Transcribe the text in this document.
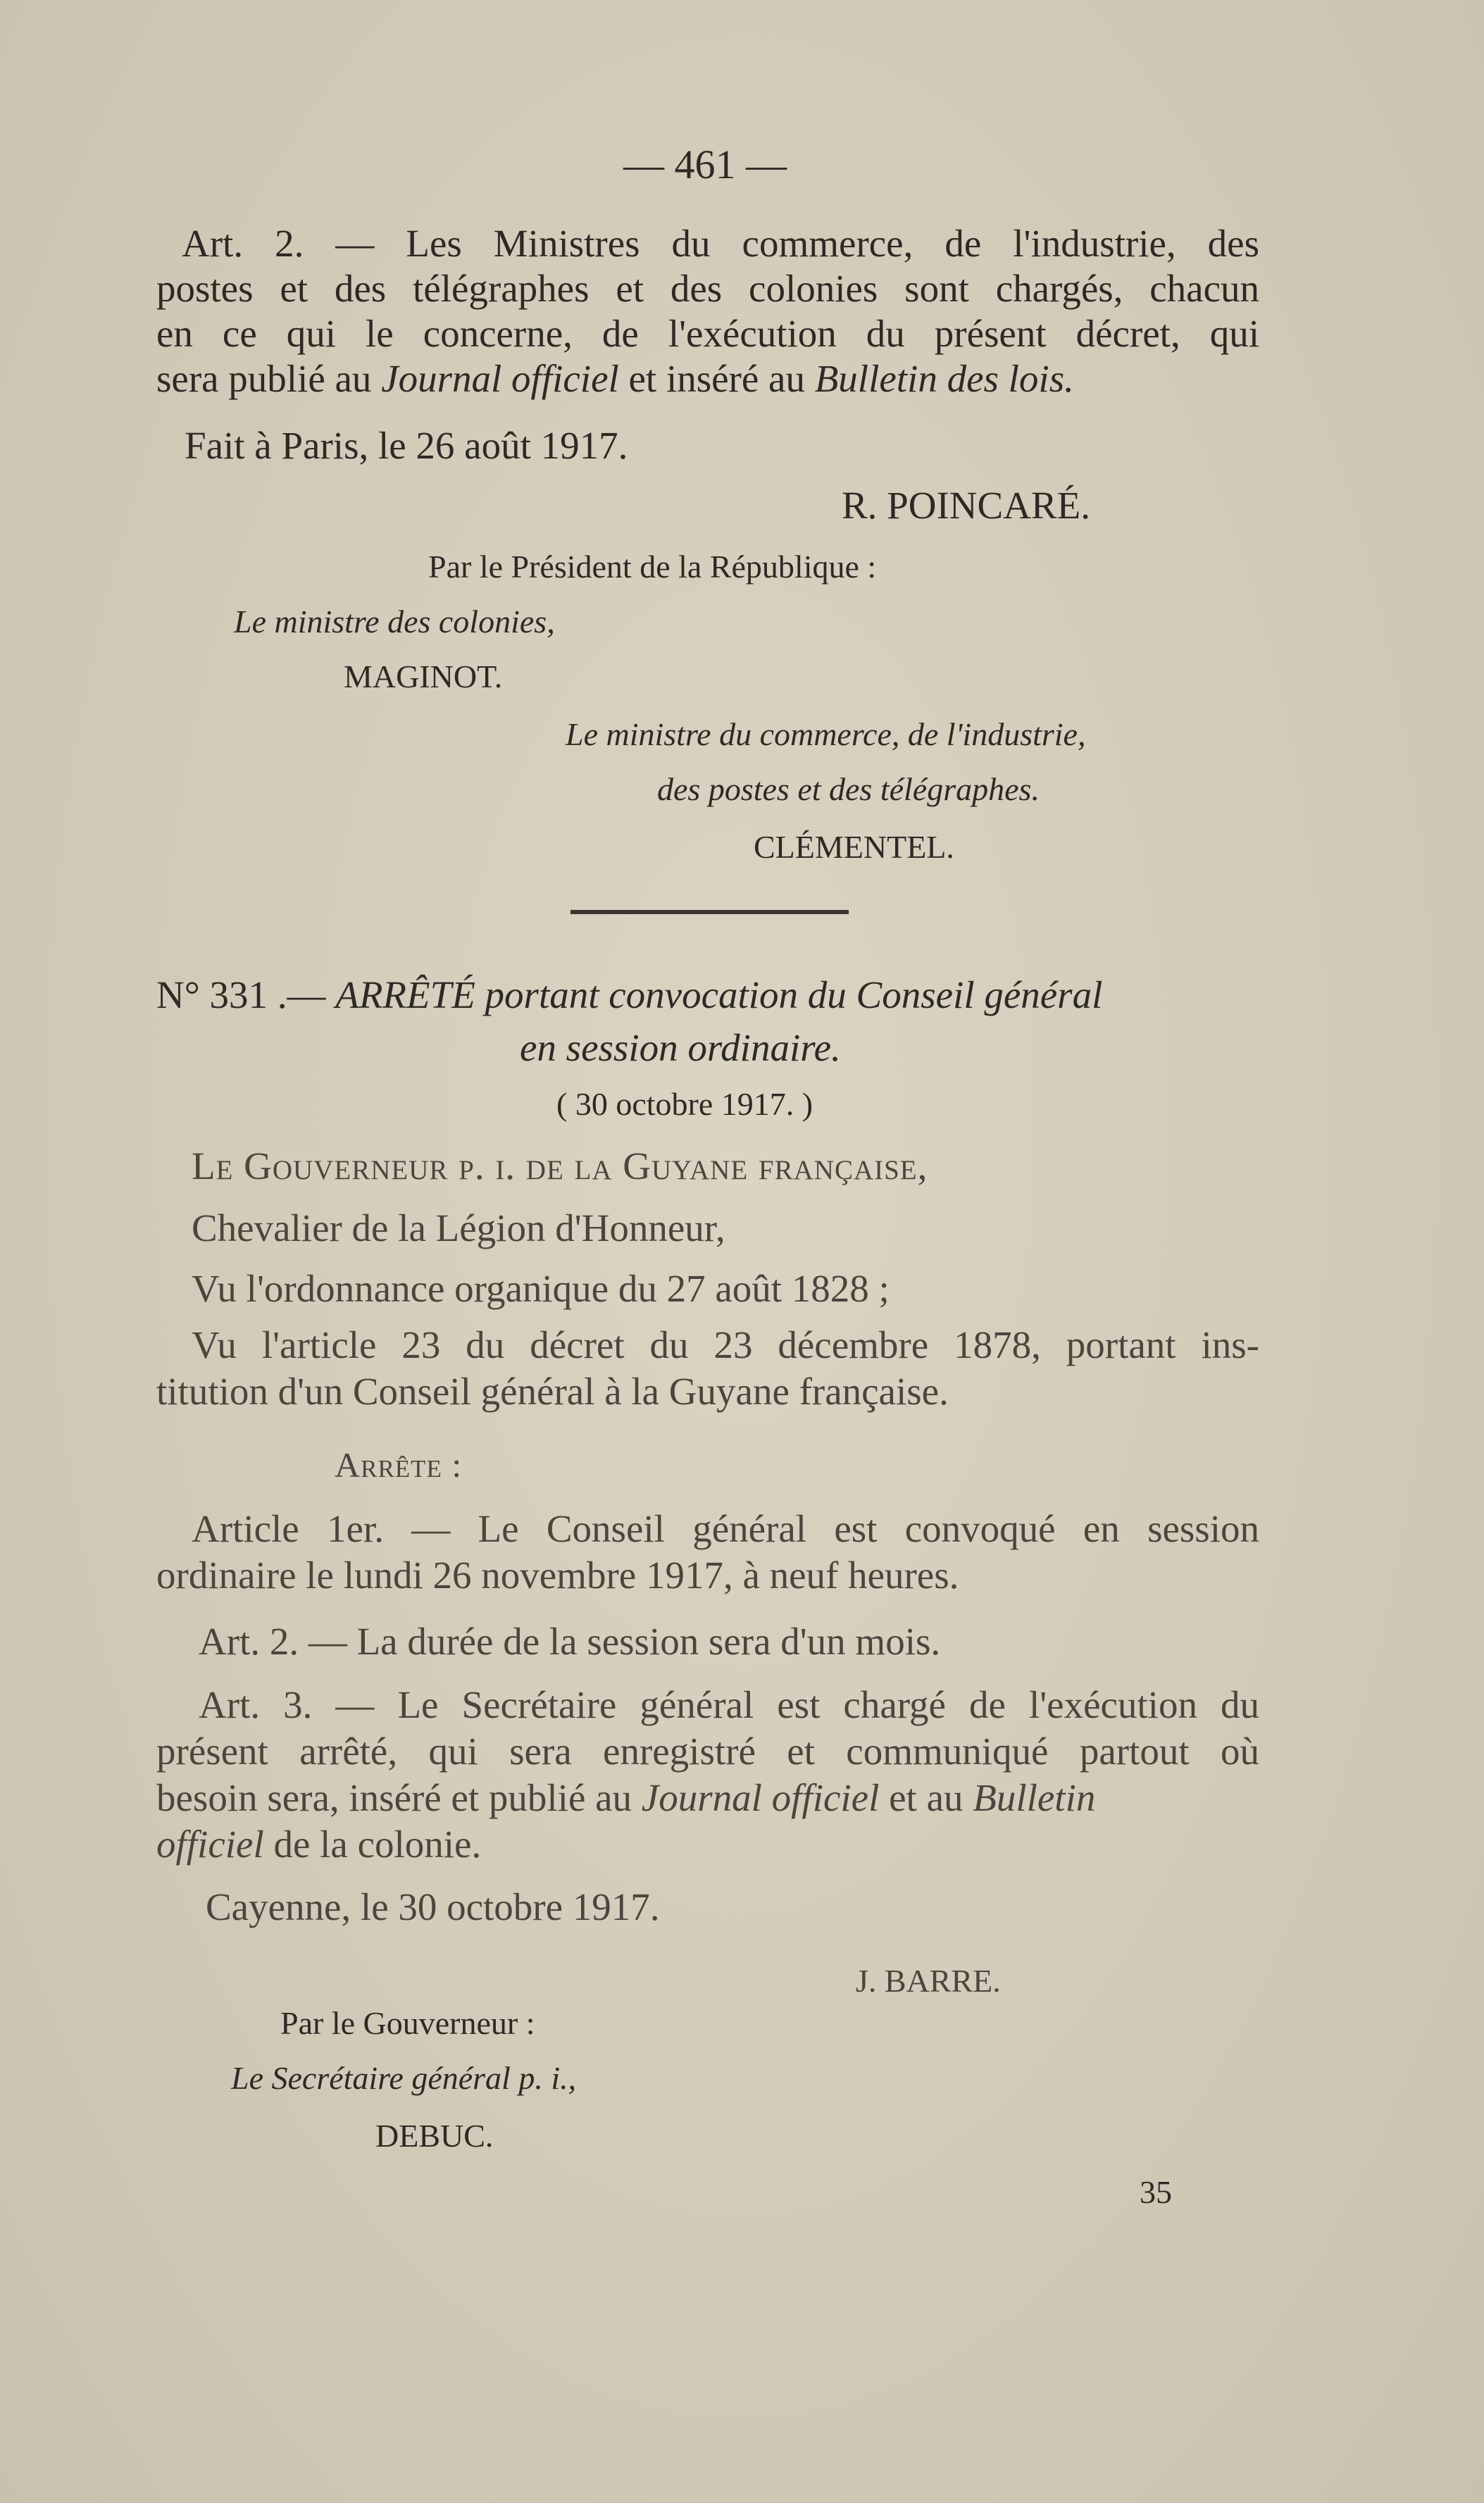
— 461 —
Art. 2. — Les Ministres du commerce, de l'industrie, des
postes et des télégraphes et des colonies sont chargés, chacun
en ce qui le concerne, de l'exécution du présent décret, qui
sera publié au Journal officiel et inséré au Bulletin des lois.
Fait à Paris, le 26 août 1917.
R. POINCARÉ.
Par le Président de la République :
Le ministre des colonies,
MAGINOT.
Le ministre du commerce, de l'industrie,
des postes et des télégraphes.
CLÉMENTEL.
N° 331 .— ARRÊTÉ portant convocation du Conseil général
en session ordinaire.
( 30 octobre 1917. )
Le Gouverneur p. i. de la Guyane française,
Chevalier de la Légion d'Honneur,
Vu l'ordonnance organique du 27 août 1828 ;
Vu l'article 23 du décret du 23 décembre 1878, portant ins-
titution d'un Conseil général à la Guyane française.
Arrête :
Article 1er. — Le Conseil général est convoqué en session
ordinaire le lundi 26 novembre 1917, à neuf heures.
Art. 2. — La durée de la session sera d'un mois.
Art. 3. — Le Secrétaire général est chargé de l'exécution du
présent arrêté, qui sera enregistré et communiqué partout où
besoin sera, inséré et publié au Journal officiel et au Bulletin
officiel de la colonie.
Cayenne, le 30 octobre 1917.
J. BARRE.
Par le Gouverneur :
Le Secrétaire général p. i.,
DEBUC.
35
